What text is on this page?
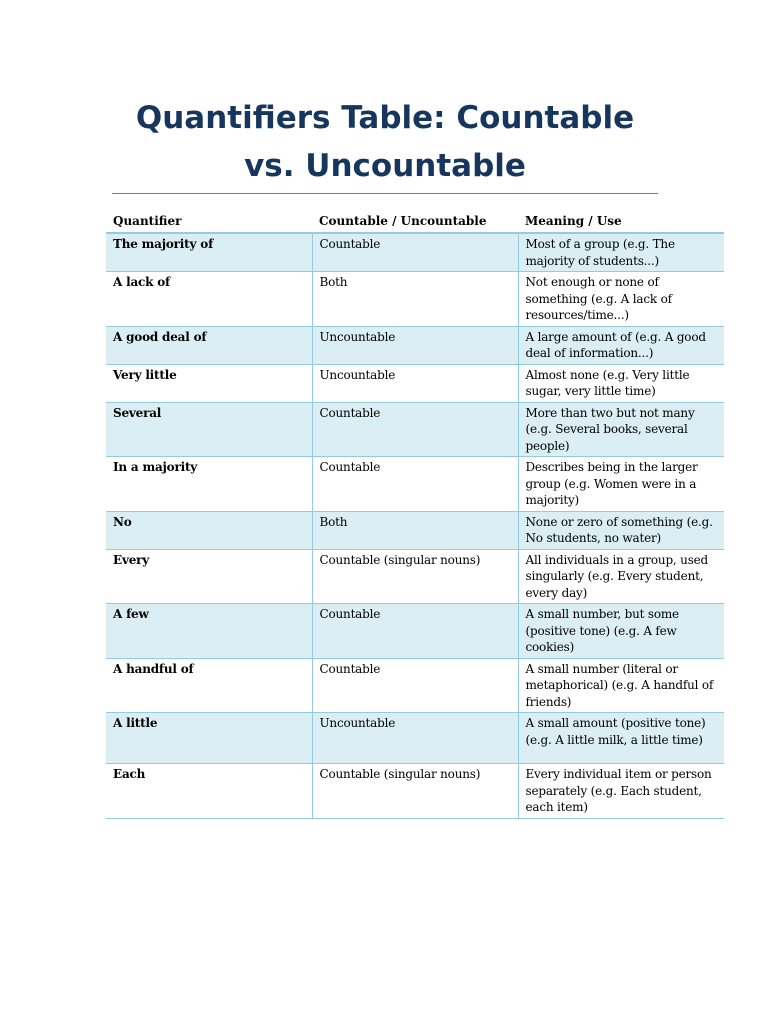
Quantifiers Table: Countable
vs. Uncountable
Quantifier	Countable / Uncountable	Meaning / Use
The majority of	Countable	Most of a group (e.g. The majority of students...)
A lack of	Both	Not enough or none of something (e.g. A lack of resources/time...)
A good deal of	Uncountable	A large amount of (e.g. A good deal of information...)
Very little	Uncountable	Almost none (e.g. Very little sugar, very little time)
Several	Countable	More than two but not many (e.g. Several books, several people)
In a majority	Countable	Describes being in the larger group (e.g. Women were in a majority)
No	Both	None or zero of something (e.g. No students, no water)
Every	Countable (singular nouns)	All individuals in a group, used singularly (e.g. Every student, every day)
A few	Countable	A small number, but some (positive tone) (e.g. A few cookies)
A handful of	Countable	A small number (literal or metaphorical) (e.g. A handful of friends)
A little	Uncountable	A small amount (positive tone) (e.g. A little milk, a little time)
Each	Countable (singular nouns)	Every individual item or person separately (e.g. Each student, each item)
